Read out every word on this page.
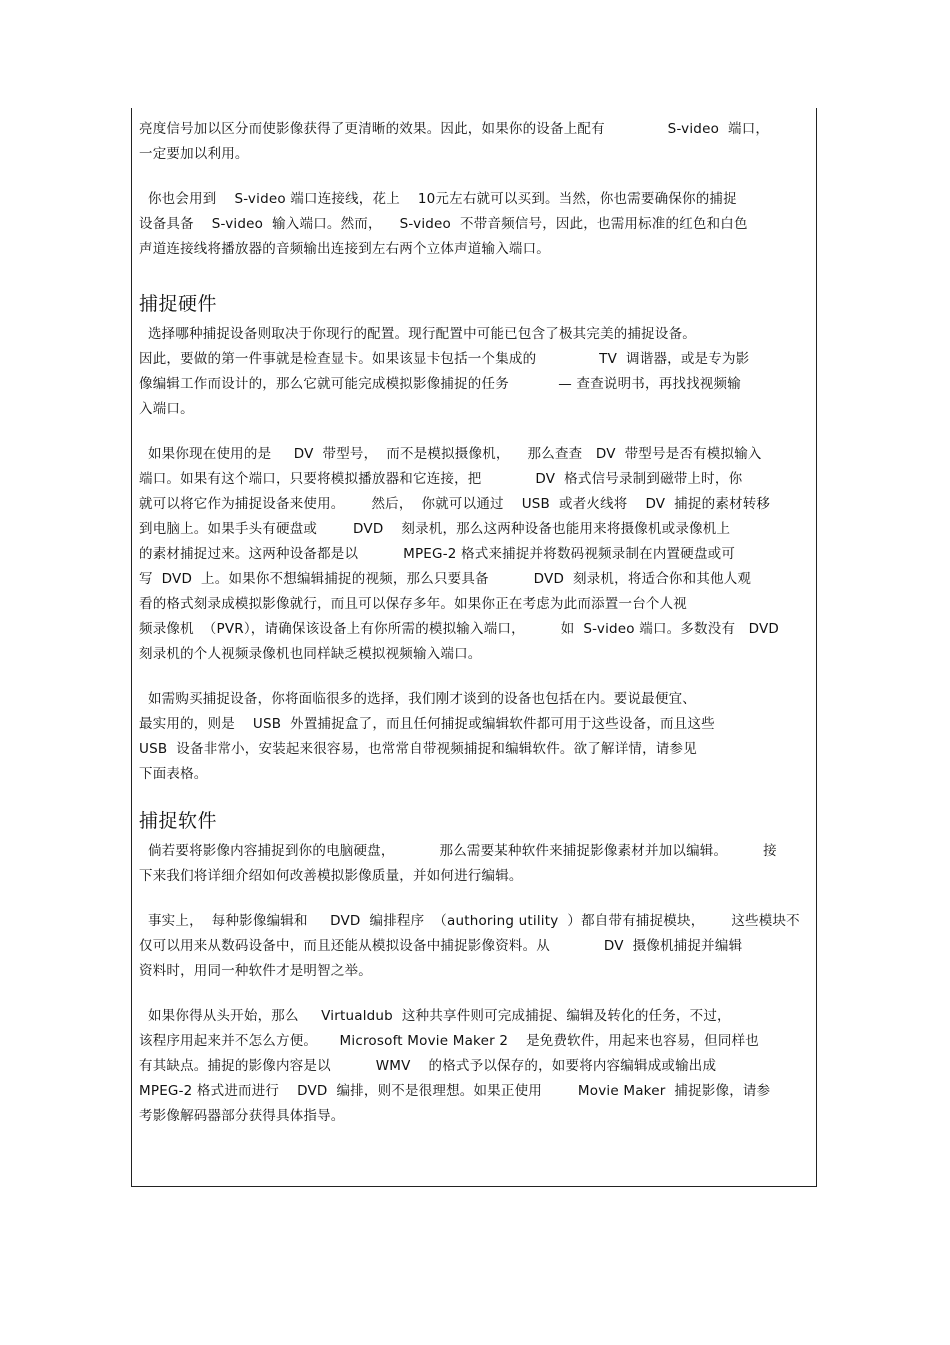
亮度信号加以区分而使影像获得了更清晰的效果。因此，如果你的设备上配有              S-video  端口，
一定要加以利用。

你也会用到    S-video 端口连接线，花上    10元左右就可以买到。当然，你也需要确保你的捕捉
设备具备    S-video  输入端口。然而，    S-video  不带音频信号，因此，也需用标准的红色和白色
声道连接线将播放器的音频输出连接到左右两个立体声道输入端口。

捕捉硬件

选择哪种捕捉设备则取决于你现行的配置。现行配置中可能已包含了极其完美的捕捉设备。
因此，要做的第一件事就是检查显卡。如果该显卡包括一个集成的              TV  调谐器，或是专为影
像编辑工作而设计的，那么它就可能完成模拟影像捕捉的任务           — 查查说明书，再找找视频输
入端口。

如果你现在使用的是     DV  带型号，  而不是模拟摄像机，    那么查查   DV  带型号是否有模拟输入
端口。如果有这个端口，只要将模拟播放器和它连接，把            DV  格式信号录制到磁带上时，你
就可以将它作为捕捉设备来使用。      然后，  你就可以通过    USB  或者火线将    DV  捕捉的素材转移
到电脑上。如果手头有硬盘或        DVD    刻录机，那么这两种设备也能用来将摄像机或录像机上
的素材捕捉过来。这两种设备都是以          MPEG-2 格式来捕捉并将数码视频录制在内置硬盘或可
写  DVD  上。如果你不想编辑捕捉的视频，那么只要具备          DVD  刻录机，将适合你和其他人观
看的格式刻录成模拟影像就行，而且可以保存多年。如果你正在考虑为此而添置一台个人视
频录像机  （PVR），请确保该设备上有你所需的模拟输入端口，        如  S-video 端口。多数没有   DVD
刻录机的个人视频录像机也同样缺乏模拟视频输入端口。

如需购买捕捉设备，你将面临很多的选择，我们刚才谈到的设备也包括在内。要说最便宜、
最实用的，则是    USB  外置捕捉盒了，而且任何捕捉或编辑软件都可用于这些设备，而且这些
USB  设备非常小，安装起来很容易，也常常自带视频捕捉和编辑软件。欲了解详情，请参见
下面表格。

捕捉软件

倘若要将影像内容捕捉到你的电脑硬盘，          那么需要某种软件来捕捉影像素材并加以编辑。        接
下来我们将详细介绍如何改善模拟影像质量，并如何进行编辑。

事实上，  每种影像编辑和     DVD  编排程序  （authoring utility  ）都自带有捕捉模块，      这些模块不
仅可以用来从数码设备中，而且还能从模拟设备中捕捉影像资料。从            DV  摄像机捕捉并编辑
资料时，用同一种软件才是明智之举。

如果你得从头开始，那么     Virtualdub  这种共享件则可完成捕捉、编辑及转化的任务，不过，
该程序用起来并不怎么方便。     Microsoft Movie Maker 2    是免费软件，用起来也容易，但同样也
有其缺点。捕捉的影像内容是以          WMV    的格式予以保存的，如要将内容编辑成或输出成
MPEG-2 格式进而进行    DVD  编排，则不是很理想。如果正使用        Movie Maker  捕捉影像，请参
考影像解码器部分获得具体指导。
